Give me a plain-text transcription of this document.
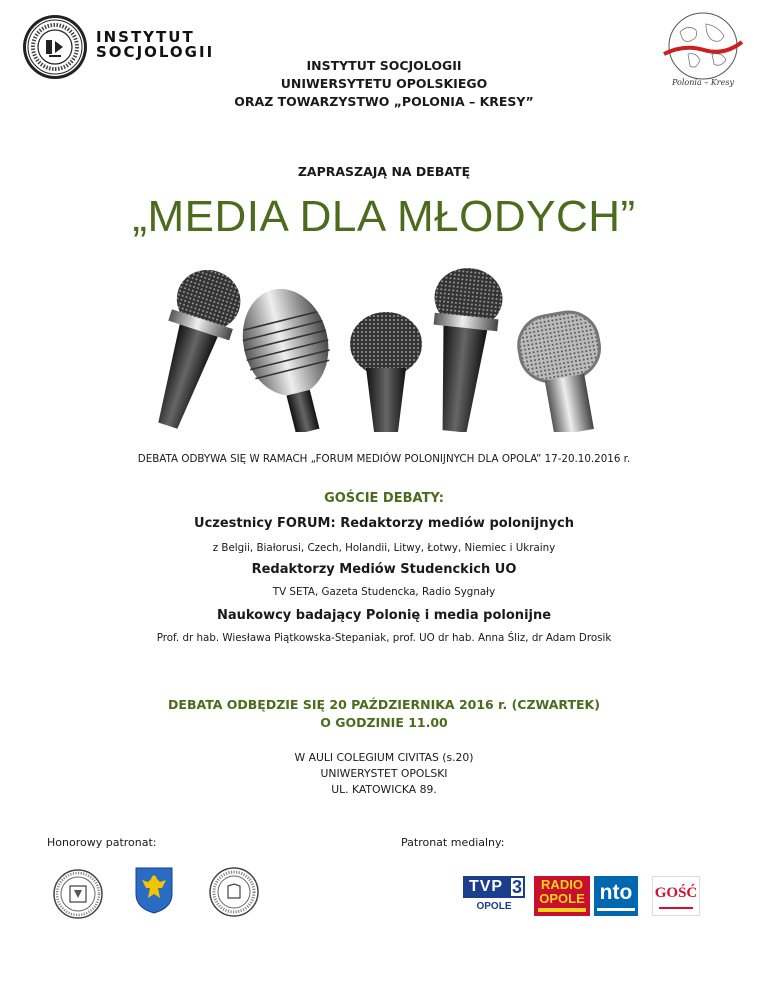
INSTYTUT
SOCJOLOGII
Polonia – Kresy
INSTYTUT SOCJOLOGII
UNIWERSYTETU OPOLSKIEGO
ORAZ TOWARZYSTWO „POLONIA – KRESY”
ZAPRASZAJĄ NA DEBATĘ
„MEDIA DLA MŁODYCH”
DEBATA ODBYWA SIĘ W RAMACH „FORUM MEDIÓW POLONIJNYCH DLA OPOLA” 17-20.10.2016 r.
GOŚCIE DEBATY:
Uczestnicy FORUM: Redaktorzy mediów polonijnych
z Belgii, Białorusi, Czech, Holandii, Litwy, Łotwy, Niemiec i Ukrainy
Redaktorzy Mediów Studenckich UO
TV SETA, Gazeta Studencka, Radio Sygnały
Naukowcy badający Polonię i media polonijne
Prof. dr hab. Wiesława Piątkowska-Stepaniak, prof. UO dr hab. Anna Śliz, dr Adam Drosik
DEBATA ODBĘDZIE SIĘ 20 PAŹDZIERNIKA 2016 r. (CZWARTEK)
O GODZINIE 11.00
W AULI COLEGIUM CIVITAS (s.20)
UNIWERYSTET OPOLSKI
UL. KATOWICKA 89.
Honorowy patronat:	Patronat medialny:
TVP 3
OPOLE
RADIO
OPOLE nto	GOŚĆ
